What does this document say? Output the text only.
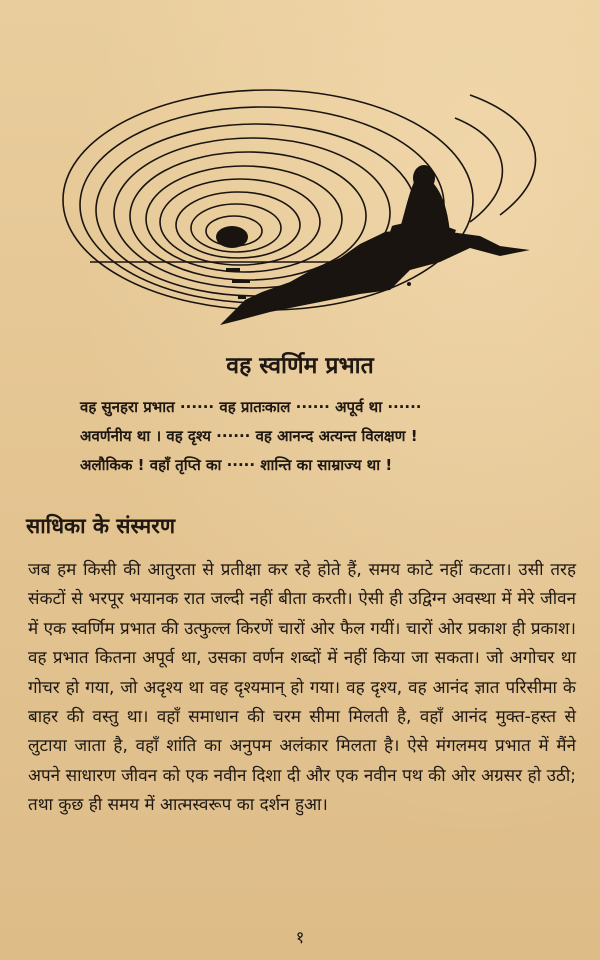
वह स्वर्णिम प्रभात
वह सुनहरा प्रभात ······ वह प्रातःकाल ······ अपूर्व था ······
अवर्णनीय था । वह दृश्य ······ वह आनन्द अत्यन्त विलक्षण !
अलौकिक ! वहाँ तृप्ति का ····· शान्ति का साम्राज्य था !
साधिका के संस्मरण
जब हम किसी की आतुरता से प्रतीक्षा कर रहे होते हैं, समय काटे नहीं कटता। उसी तरह संकटों से भरपूर भयानक रात जल्दी नहीं बीता करती। ऐसी ही उद्विग्न अवस्था में मेरे जीवन में एक स्वर्णिम प्रभात की उत्फुल्ल किरणें चारों ओर फैल गयीं। चारों ओर प्रकाश ही प्रकाश। वह प्रभात कितना अपूर्व था, उसका वर्णन शब्दों में नहीं किया जा सकता। जो अगोचर था गोचर हो गया, जो अदृश्य था वह दृश्यमान् हो गया। वह दृश्य, वह आनंद ज्ञात परिसीमा के बाहर की वस्तु था। वहाँ समाधान की चरम सीमा मिलती है, वहाँ आनंद मुक्त-हस्त से लुटाया जाता है, वहाँ शांति का अनुपम अलंकार मिलता है। ऐसे मंगलमय प्रभात में मैंने अपने साधारण जीवन को एक नवीन दिशा दी और एक नवीन पथ की ओर अग्रसर हो उठी; तथा कुछ ही समय में आत्मस्वरूप का दर्शन हुआ।
१
